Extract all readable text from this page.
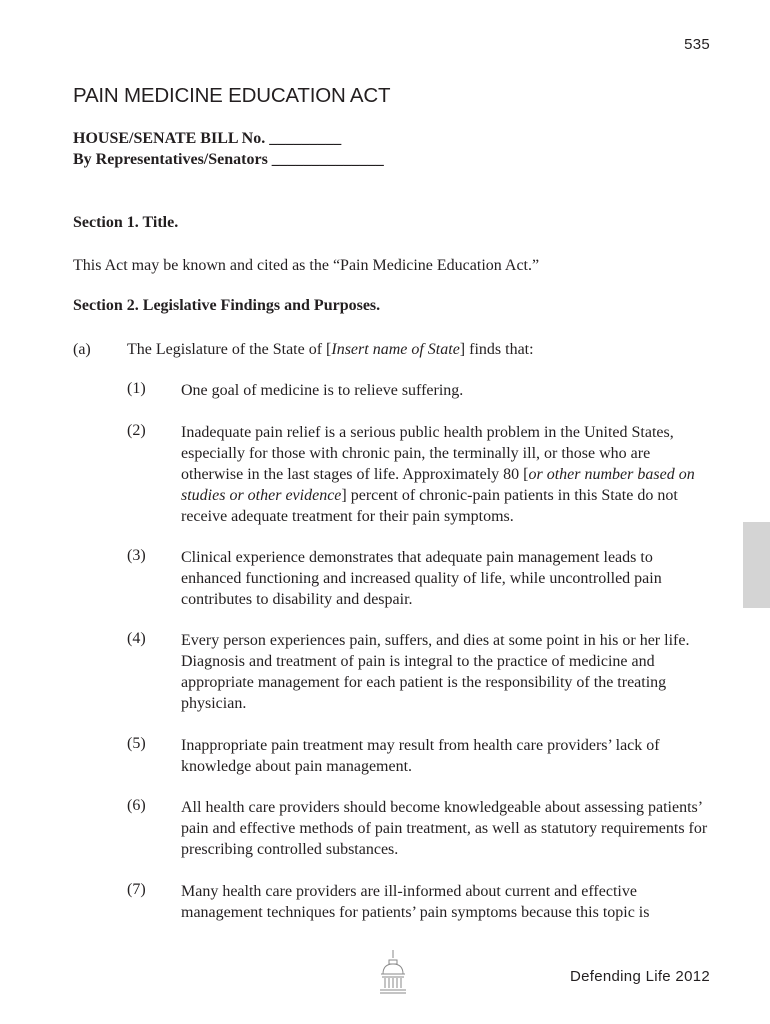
535
PAIN MEDICINE EDUCATION ACT
HOUSE/SENATE BILL No. _________
By Representatives/Senators ______________
Section 1. Title.
This Act may be known and cited as the “Pain Medicine Education Act.”
Section 2. Legislative Findings and Purposes.
(a) The Legislature of the State of [Insert name of State] finds that:
(1) One goal of medicine is to relieve suffering.
(2) Inadequate pain relief is a serious public health problem in the United States, especially for those with chronic pain, the terminally ill, or those who are otherwise in the last stages of life. Approximately 80 [or other number based on studies or other evidence] percent of chronic-pain patients in this State do not receive adequate treatment for their pain symptoms.
(3) Clinical experience demonstrates that adequate pain management leads to enhanced functioning and increased quality of life, while uncontrolled pain contributes to disability and despair.
(4) Every person experiences pain, suffers, and dies at some point in his or her life. Diagnosis and treatment of pain is integral to the practice of medicine and appropriate management for each patient is the responsibility of the treating physician.
(5) Inappropriate pain treatment may result from health care providers’ lack of knowledge about pain management.
(6) All health care providers should become knowledgeable about assessing patients’ pain and effective methods of pain treatment, as well as statutory requirements for prescribing controlled substances.
(7) Many health care providers are ill-informed about current and effective management techniques for patients’ pain symptoms because this topic is
Defending Life 2012
